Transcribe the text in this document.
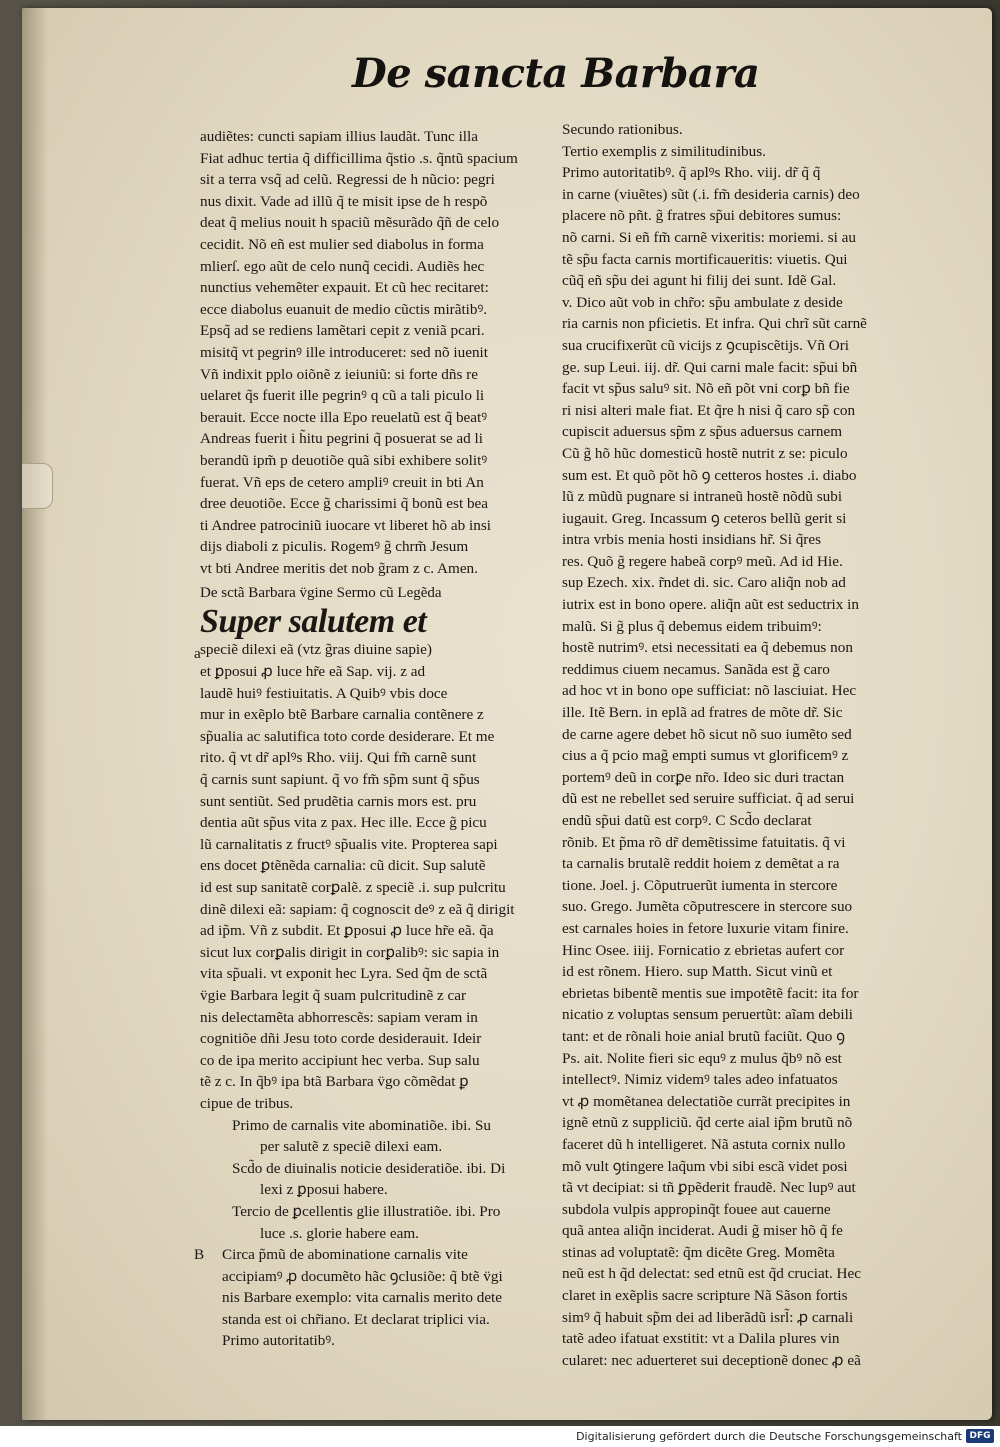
De sancta Barbara
audiẽtes: cuncti sapiam illius laudãt. Tunc illa
Fiat adhuc tertia q̃ difficillima q̃stio .s. q̃ntũ spacium
sit a terra vsq̃ ad celũ. Regressi de h nũcio: pegri
nus dixit. Vade ad illũ q̃ te misit ipse de h respõ
deat q̃ melius nouit h spaciũ mẽsurãdo q̃ñ de celo
cecidit. Nõ eñ est mulier sed diabolus in forma
mlierſ. ego aũt de celo nunq̃ cecidi. Audiẽs hec
nunctius vehemẽter expauit. Et cũ hec recitaret:
ecce diabolus euanuit de medio cũctis mirãtibꝰ.
Epsq̃ ad se rediens lamẽtari cepit z veniã pcari.
misitq̃ vt pegrinꝰ ille introduceret: sed nõ iuenit
Vñ indixit pplo oiõnẽ z ieiuniũ: si forte dñs re
uelaret q̃s fuerit ille pegrinꝰ q cũ a tali piculo li
berauit. Ecce nocte illa Epo reuelatũ est q̃ beatꝰ
Andreas fuerit i h̃itu pegrini q̃ posuerat se ad li
berandũ ipm̃ p deuotiõe quã sibi exhibere solitꝰ
fuerat. Vñ eps de cetero ampliꝰ creuit in bti An
dree deuotiõe. Ecce g̃ charissimi q̃ bonũ est bea
ti Andree patrociniũ iuocare vt liberet hõ ab insi
dijs diaboli z piculis. Rogemꝰ g̃ chrm̃ Jesum
vt bti Andree meritis det nob g̃ram z c. Amen.
De sctã Barbara v̈gine Sermo cũ Legẽda
Super salutem et
a speciẽ dilexi eã (vtz g̃ras diuine sapie)
et ꝑposui ꝓ luce hr̃e eã Sap. vij. z ad
laudẽ huiꝰ festiuitatis. A Quibꝰ vbis doce
mur in exẽplo btẽ Barbare carnalia contẽnere z
sp̃ualia ac salutifica toto corde desiderare. Et me
rito. q̃ vt dr̃ aplꝰs Rho. viij. Qui fm̃ carnẽ sunt
q̃ carnis sunt sapiunt. q̃ vo fm̃ sp̃m sunt q̃ sp̃us
sunt sentiũt. Sed prudẽtia carnis mors est. pru
dentia aũt sp̃us vita z pax. Hec ille. Ecce g̃ picu
lũ carnalitatis z fructꝰ sp̃ualis vite. Propterea sapi
ens docet ꝑtẽnẽda carnalia: cũ dicit. Sup salutẽ
id est sup sanitatẽ corꝑalẽ. z speciẽ .i. sup pulcritu
dinẽ dilexi eã: sapiam: q̃ cognoscit deꝰ z eã q̃ dirigit
ad ip̃m. Vñ z subdit. Et ꝑposui ꝓ luce hr̃e eã. q̃a
sicut lux corꝑalis dirigit in corꝑalibꝰ: sic sapia in
vita sp̃uali. vt exponit hec Lyra. Sed q̃m de sctã
v̈gie Barbara legit q̃ suam pulcritudinẽ z car
nis delectamẽta abhorrescẽs: sapiam veram in
cognitiõe dñi Jesu toto corde desiderauit. Ideir
co de ipa merito accipiunt hec verba. Sup salu
tẽ z c. In q̃bꝰ ipa btã Barbara v̈go cõmẽdat ꝑ
cipue de tribus.
Primo de carnalis vite abominatiõe. ibi. Su
per salutẽ z speciẽ dilexi eam.
Scd̃o de diuinalis noticie desideratiõe. ibi. Di
lexi z ꝑposui habere.
Tercio de ꝑcellentis glie illustratiõe. ibi. Pro
luce .s. glorie habere eam.
B	Circa p̃mũ de abominatione carnalis vite
accipiamꝰ ꝓ documẽto hãc ꝯclusiõe: q̃ btẽ v̈gi
nis Barbare exemplo: vita carnalis merito dete
standa est oi chr̃iano. Et declarat triplici via.
Primo autoritatibꝰ.
Secundo rationibus.
Tertio exemplis z similitudinibus.
Primo autoritatibꝰ. q̃ aplꝰs Rho. viij. dr̃ q̃ q̃
in carne (viuẽtes) sũt (.i. fm̃ desideria carnis) deo
placere nõ pñt. g̃ fratres sp̃ui debitores sumus:
nõ carni. Si eñ fm̃ carnẽ vixeritis: moriemi. si au
tẽ sp̃u facta carnis mortificaueritis: viuetis. Qui
cũq̃ eñ sp̃u dei agunt hi filij dei sunt. Idẽ Gal.
v. Dico aũt vob in chr̃o: sp̃u ambulate z deside
ria carnis non pficietis. Et infra. Qui chrĩ sũt carnẽ
sua crucifixerũt cũ vicijs z ꝯcupiscẽtijs. Vñ Ori
ge. sup Leui. iij. dr̃. Qui carni male facit: sp̃ui bñ
facit vt sp̃us saluꝰ sit. Nõ eñ põt vni corꝑ bñ fie
ri nisi alteri male fiat. Et q̃re h nisi q̃ caro sp̃ con
cupiscit aduersus sp̃m z sp̃us aduersus carnem
Cũ g̃ hõ hũc domesticũ hostẽ nutrit z se: piculo
sum est. Et quõ põt hõ ꝯ cetteros hostes .i. diabo
lũ z mũdũ pugnare si intraneũ hostẽ nõdũ subi
iugauit. Greg. Incassum ꝯ ceteros bellũ gerit si
intra vrbis menia hosti insidians hr̃. Si q̃res
res. Quõ g̃ regere habeã corpꝰ meũ. Ad id Hie.
sup Ezech. xix. r̃ndet di. sic. Caro aliq̃n nob ad
iutrix est in bono opere. aliq̃n aũt est seductrix in
malũ. Si g̃ plus q̃ debemus eidem tribuimꝰ:
hostẽ nutrimꝰ. etsi necessitati ea q̃ debemus non
reddimus ciuem necamus. Sanãda est g̃ caro
ad hoc vt in bono ope sufficiat: nõ lasciuiat. Hec
ille. Itẽ Bern. in eplã ad fratres de mõte dr̃. Sic
de carne agere debet hõ sicut nõ suo iumẽto sed
cius a q̃ pcio mag̃ empti sumus vt glorificemꝰ z
portemꝰ deũ in corꝑe nr̃o. Ideo sic duri tractan
dũ est ne rebellet sed seruire sufficiat. q̃ ad serui
endũ sp̃ui datũ est corpꝰ. C Scd̃o declarat
rõnib. Et p̃ma rõ dr̃ demẽtissime fatuitatis. q̃ vi
ta carnalis brutalẽ reddit hoiem z demẽtat a ra
tione. Joel. j. Cõputruerũt iumenta in stercore
suo. Grego. Jumẽta cõputrescere in stercore suo
est carnales hoies in fetore luxurie vitam finire.
Hinc Osee. iiij. Fornicatio z ebrietas aufert cor
id est rõnem. Hiero. sup Matth. Sicut vinũ et
ebrietas bibentẽ mentis sue impotẽtẽ facit: ita for
nicatio z voluptas sensum peruertũt: aĩam debili
tant: et de rõnali hoie anial brutũ faciũt. Quo ꝯ
Ps. ait. Nolite fieri sic equꝰ z mulus q̃bꝰ nõ est
intellectꝰ. Nimiz videmꝰ tales adeo infatuatos
vt ꝓ momẽtanea delectatiõe currãt precipites in
ignẽ etnũ z suppliciũ. q̃d certe aial ip̃m brutũ nõ
faceret dũ h intelligeret. Nã astuta cornix nullo
mõ vult ꝯtingere laq̃um vbi sibi escã videt posi
tã vt decipiat: si tñ ꝑpẽderit fraudẽ. Nec lupꝰ aut
subdola vulpis appropinq̃t fouee aut cauerne
quã antea aliq̃n inciderat. Audi g̃ miser hõ q̃ fe
stinas ad voluptatẽ: q̃m dicẽte Greg. Momẽta
neũ est h q̃d delectat: sed etnũ est q̃d cruciat. Hec
claret in exẽplis sacre scripture Nã Sãson fortis
simꝰ q̃ habuit sp̃m dei ad liberãdũ isrl̃: ꝓ carnali
tatẽ adeo ifatuat exstitit: vt a Dalila plures vin
cularet: nec aduerteret sui deceptionẽ donec ꝓ eã
Digitalisierung gefördert durch die Deutsche Forschungsgemeinschaft DFG
